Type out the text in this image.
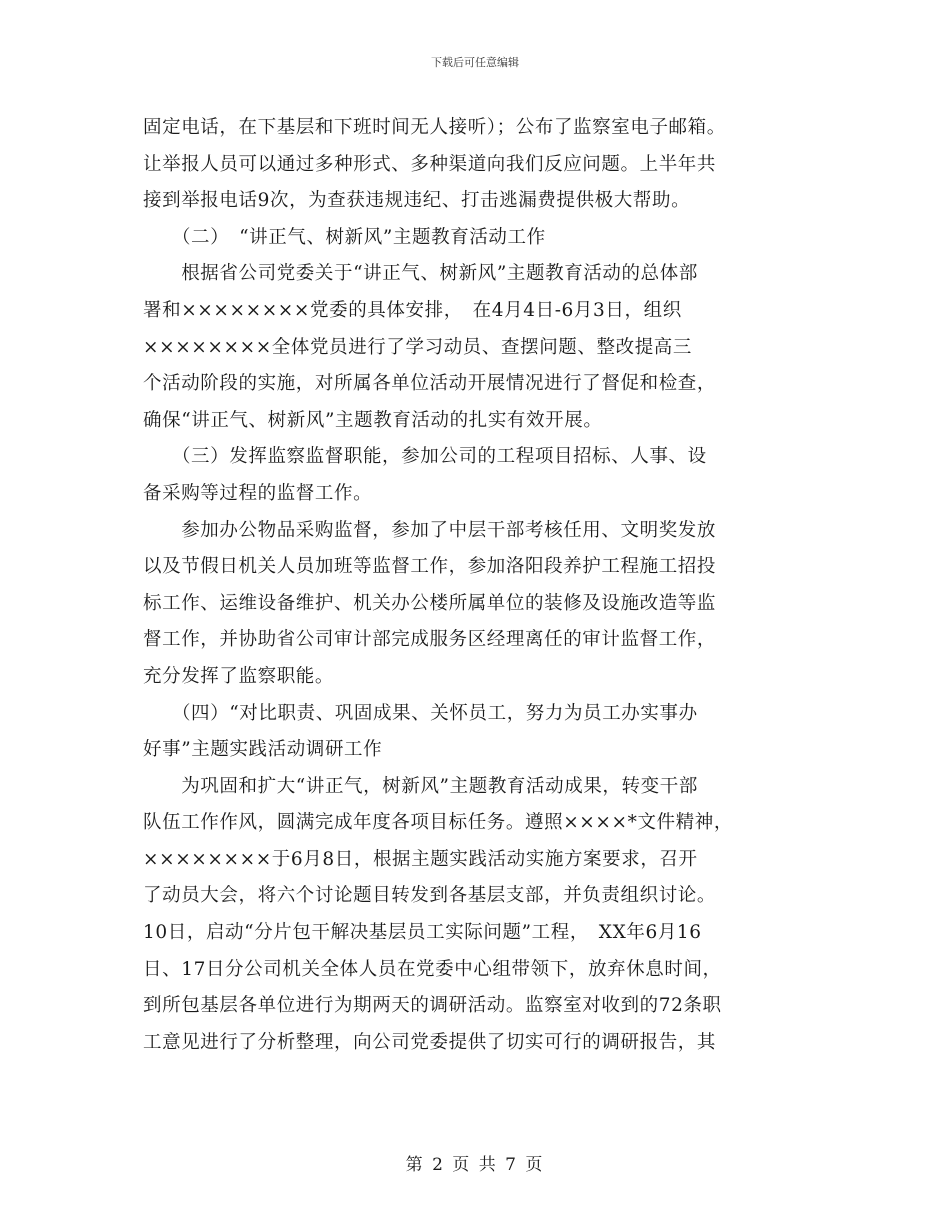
下载后可任意编辑
固定电话，在下基层和下班时间无人接听）；公布了监察室电子邮箱。
让举报人员可以通过多种形式、多种渠道向我们反应问题。上半年共
接到举报电话9次，为查获违规违纪、打击逃漏费提供极大帮助。
　　（二）　“讲正气、树新风”主题教育活动工作
　　根据省公司党委关于“讲正气、树新风”主题教育活动的总体部
署和××××××××党委的具体安排，　在4月4日-6月3日，组织
××××××××全体党员进行了学习动员、查摆问题、整改提高三
个活动阶段的实施，对所属各单位活动开展情况进行了督促和检查，
确保“讲正气、树新风”主题教育活动的扎实有效开展。
　　（三）发挥监察监督职能，参加公司的工程项目招标、人事、设
备采购等过程的监督工作。
　　参加办公物品采购监督，参加了中层干部考核任用、文明奖发放
以及节假日机关人员加班等监督工作，参加洛阳段养护工程施工招投
标工作、运维设备维护、机关办公楼所属单位的装修及设施改造等监
督工作，并协助省公司审计部完成服务区经理离任的审计监督工作，
充分发挥了监察职能。
　　（四）“对比职责、巩固成果、关怀员工，努力为员工办实事办
好事”主题实践活动调研工作
　　为巩固和扩大“讲正气，树新风”主题教育活动成果，转变干部
队伍工作作风，圆满完成年度各项目标任务。遵照××××*文件精神，
××××××××于6月8日，根据主题实践活动实施方案要求，召开
了动员大会，将六个讨论题目转发到各基层支部，并负责组织讨论。
10日，启动“分片包干解决基层员工实际问题”工程，　XX年6月16
日、17日分公司机关全体人员在党委中心组带领下，放弃休息时间，
到所包基层各单位进行为期两天的调研活动。监察室对收到的72条职
工意见进行了分析整理，向公司党委提供了切实可行的调研报告，其
第 2 页 共 7 页
